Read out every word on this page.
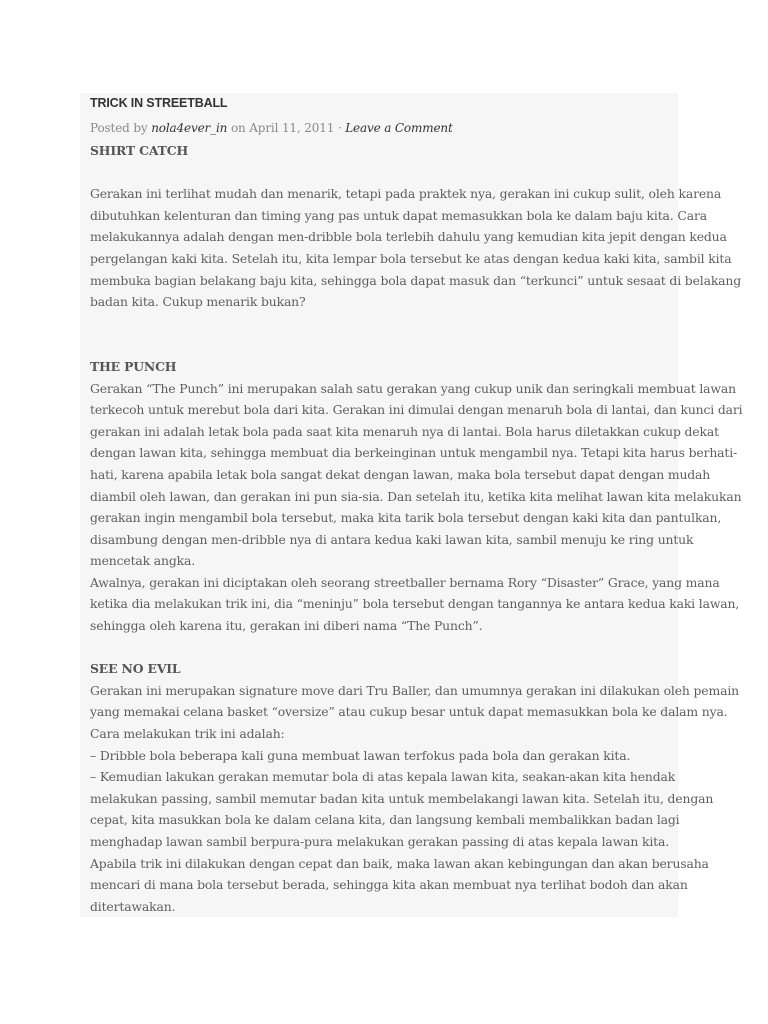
TRICK IN STREETBALL
Posted by nola4ever_in on April 11, 2011 · Leave a Comment
SHIRT CATCH

Gerakan ini terlihat mudah dan menarik, tetapi pada praktek nya, gerakan ini cukup sulit, oleh karena
dibutuhkan kelenturan dan timing yang pas untuk dapat memasukkan bola ke dalam baju kita. Cara
melakukannya adalah dengan men-dribble bola terlebih dahulu yang kemudian kita jepit dengan kedua
pergelangan kaki kita. Setelah itu, kita lempar bola tersebut ke atas dengan kedua kaki kita, sambil kita
membuka bagian belakang baju kita, sehingga bola dapat masuk dan “terkunci” untuk sesaat di belakang
badan kita. Cukup menarik bukan?

THE PUNCH

Gerakan “The Punch” ini merupakan salah satu gerakan yang cukup unik dan seringkali membuat lawan
terkecoh untuk merebut bola dari kita. Gerakan ini dimulai dengan menaruh bola di lantai, dan kunci dari
gerakan ini adalah letak bola pada saat kita menaruh nya di lantai. Bola harus diletakkan cukup dekat
dengan lawan kita, sehingga membuat dia berkeinginan untuk mengambil nya. Tetapi kita harus berhati-
hati, karena apabila letak bola sangat dekat dengan lawan, maka bola tersebut dapat dengan mudah
diambil oleh lawan, dan gerakan ini pun sia-sia. Dan setelah itu, ketika kita melihat lawan kita melakukan
gerakan ingin mengambil bola tersebut, maka kita tarik bola tersebut dengan kaki kita dan pantulkan,
disambung dengan men-dribble nya di antara kedua kaki lawan kita, sambil menuju ke ring untuk
mencetak angka.

Awalnya, gerakan ini diciptakan oleh seorang streetballer bernama Rory “Disaster” Grace, yang mana
ketika dia melakukan trik ini, dia “meninju” bola tersebut dengan tangannya ke antara kedua kaki lawan,
sehingga oleh karena itu, gerakan ini diberi nama “The Punch”.

SEE NO EVIL

Gerakan ini merupakan signature move dari Tru Baller, dan umumnya gerakan ini dilakukan oleh pemain
yang memakai celana basket “oversize” atau cukup besar untuk dapat memasukkan bola ke dalam nya.
Cara melakukan trik ini adalah:
– Dribble bola beberapa kali guna membuat lawan terfokus pada bola dan gerakan kita.
– Kemudian lakukan gerakan memutar bola di atas kepala lawan kita, seakan-akan kita hendak
melakukan passing, sambil memutar badan kita untuk membelakangi lawan kita. Setelah itu, dengan
cepat, kita masukkan bola ke dalam celana kita, dan langsung kembali membalikkan badan lagi
menghadap lawan sambil berpura-pura melakukan gerakan passing di atas kepala lawan kita.
Apabila trik ini dilakukan dengan cepat dan baik, maka lawan akan kebingungan dan akan berusaha
mencari di mana bola tersebut berada, sehingga kita akan membuat nya terlihat bodoh dan akan
ditertawakan.
